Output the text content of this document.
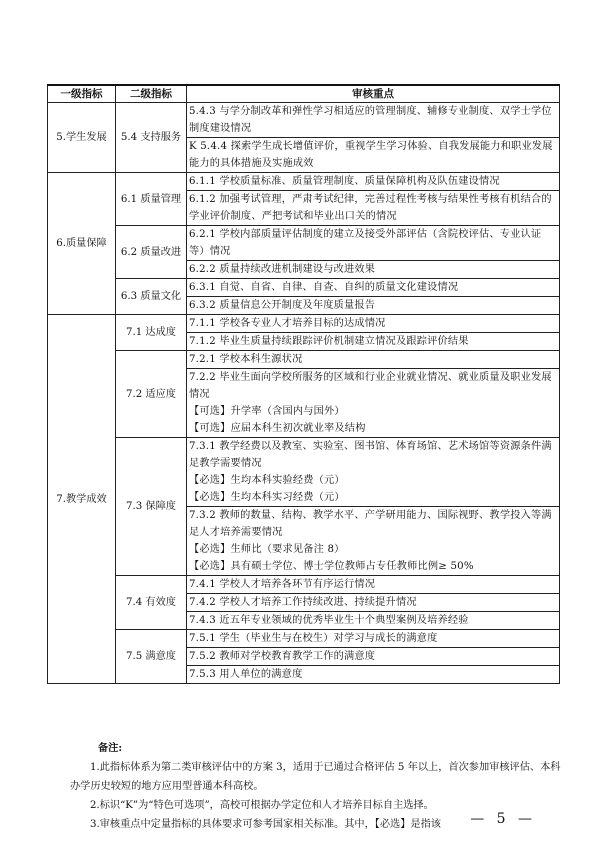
一级指标	二级指标	审核重点
5.学生发展	5.4 支持服务	5.4.3 与学分制改革和弹性学习相适应的管理制度、辅修专业制度、双学士学位制度建设情况
		K 5.4.4 探索学生成长增值评价，重视学生学习体验、自我发展能力和职业发展能力的具体措施及实施成效
6.质量保障	6.1 质量管理	6.1.1 学校质量标准、质量管理制度、质量保障机构及队伍建设情况
		6.1.2 加强考试管理，严肃考试纪律，完善过程性考核与结果性考核有机结合的学业评价制度、严把考试和毕业出口关的情况
	6.2 质量改进	6.2.1 学校内部质量评估制度的建立及接受外部评估（含院校评估、专业认证等）情况
		6.2.2 质量持续改进机制建设与改进效果
	6.3 质量文化	6.3.1 自觉、自省、自律、自查、自纠的质量文化建设情况
		6.3.2 质量信息公开制度及年度质量报告
7.教学成效	7.1 达成度	7.1.1 学校各专业人才培养目标的达成情况
		7.1.2 毕业生质量持续跟踪评价机制建立情况及跟踪评价结果
	7.2 适应度	7.2.1 学校本科生源状况

		7.2.2 毕业生面向学校所服务的区域和行业企业就业情况、就业质量及职业发展情况
【可选】升学率（含国内与国外）
【可选】应届本科生初次就业率及结构

	7.3 保障度	7.3.1 教学经费以及教室、实验室、图书馆、体育场馆、艺术场馆等资源条件满足教学需要情况
【必选】生均本科实验经费（元）
【必选】生均本科实习经费（元）

		7.3.2 教师的数量、结构、教学水平、产学研用能力、国际视野、教学投入等满足人才培养需要情况
【必选】生师比（要求见备注 8）
【必选】具有硕士学位、博士学位教师占专任教师比例≥ 50%

	7.4 有效度	7.4.1 学校人才培养各环节有序运行情况
		7.4.2 学校人才培养工作持续改进、持续提升情况
		7.4.3 近五年专业领域的优秀毕业生十个典型案例及培养经验
	7.5 满意度	7.5.1 学生（毕业生与在校生）对学习与成长的满意度
		7.5.2 教师对学校教育教学工作的满意度
		7.5.3 用人单位的满意度

备注:

1.此指标体系为第二类审核评估中的方案 3，适用于已通过合格评估 5 年以上，首次参加审核评估、本科办学历史较短的地方应用型普通本科高校。

2.标识“K”为“特色可选项”，高校可根据办学定位和人才培养目标自主选择。

3.审核重点中定量指标的具体要求可参考国家相关标准。其中，【必选】是指该	— 5 —
